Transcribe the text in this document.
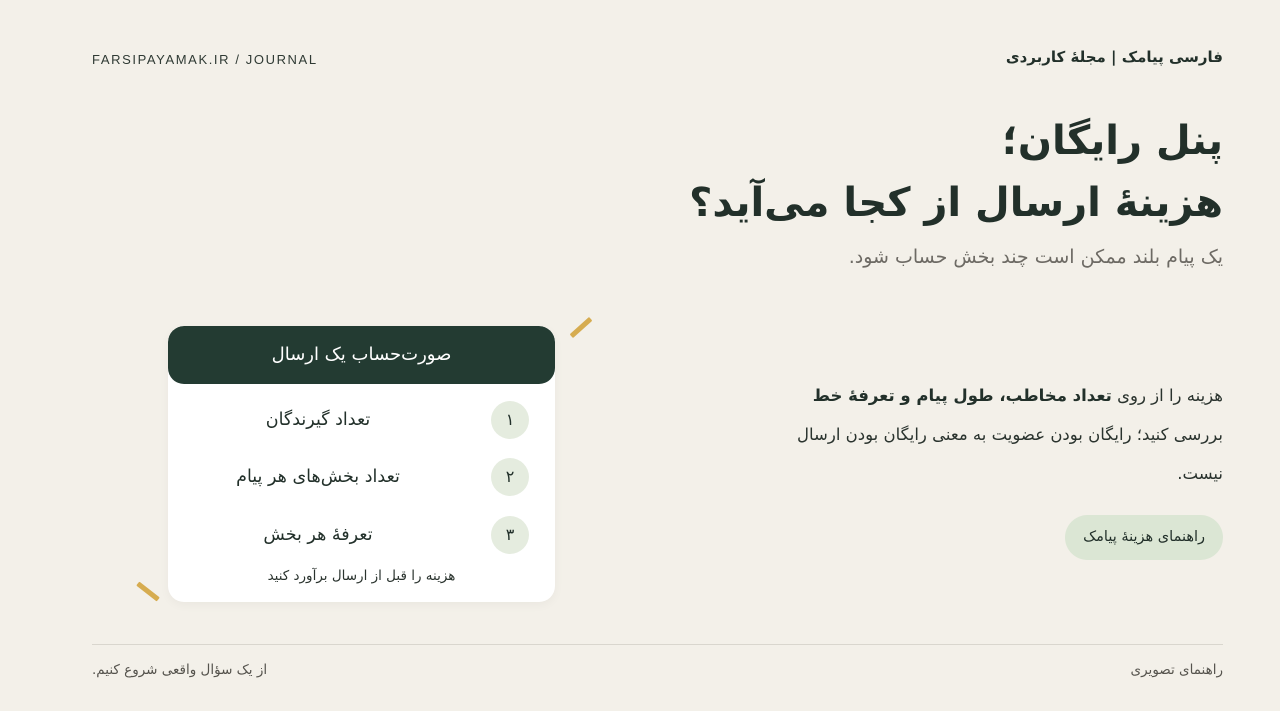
FARSIPAYAMAK.IR / JOURNAL	فارسی پیامک | مجلهٔ کاربردی
پنل رایگان؛
هزینهٔ ارسال از کجا می‌آید؟
یک پیام بلند ممکن است چند بخش حساب شود.

هزینه را از روی تعداد مخاطب، طول پیام و تعرفهٔ خط بررسی کنید؛ رایگان بودن عضویت به معنی رایگان بودن ارسال نیست.

راهنمای هزینهٔ پیامک
صورت‌حساب یک ارسال
۱
تعداد گیرندگان
۲
تعداد بخش‌های هر پیام
۳
تعرفهٔ هر بخش
هزینه را قبل از ارسال برآورد کنید
از یک سؤال واقعی شروع کنیم.	راهنمای تصویری
